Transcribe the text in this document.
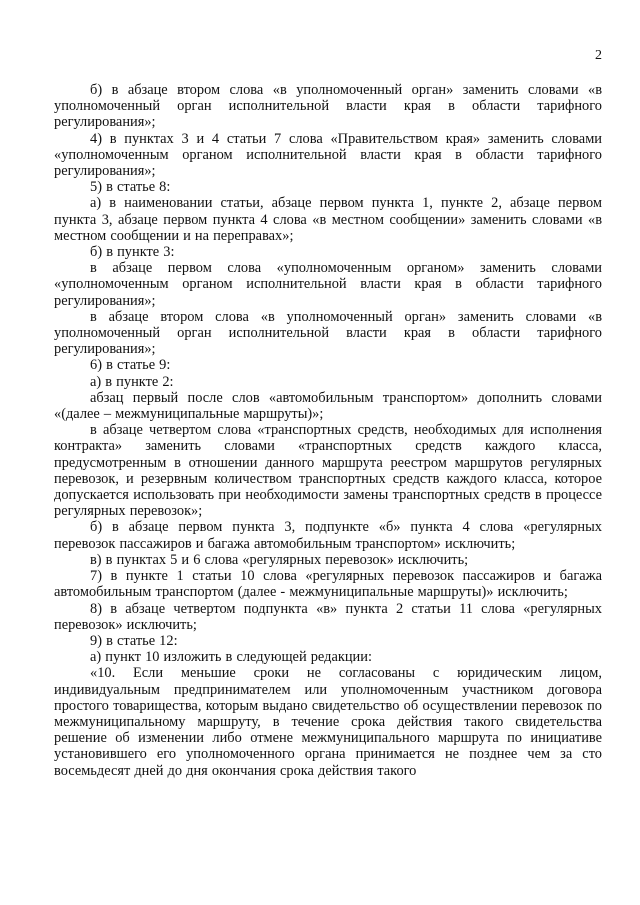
2

б) в абзаце втором слова «в уполномоченный орган» заменить словами «в уполномоченный орган исполнительной власти края в области тарифного регулирования»;

4) в пунктах 3 и 4 статьи 7 слова «Правительством края» заменить словами «уполномоченным органом исполнительной власти края в области тарифного регулирования»;

5) в статье 8:

а) в наименовании статьи, абзаце первом пункта 1, пункте 2, абзаце первом пункта 3, абзаце первом пункта 4 слова «в местном сообщении» заменить словами «в местном сообщении и на переправах»;

б) в пункте 3:

в абзаце первом слова «уполномоченным органом» заменить словами «уполномоченным органом исполнительной власти края в области тарифного регулирования»;

в абзаце втором слова «в уполномоченный орган» заменить словами «в уполномоченный орган исполнительной власти края в области тарифного регулирования»;

6) в статье 9:

а) в пункте 2:

абзац первый после слов «автомобильным транспортом» дополнить словами «(далее – межмуниципальные маршруты)»;

в абзаце четвертом слова «транспортных средств, необходимых для исполнения контракта» заменить словами «транспортных средств каждого класса, предусмотренным в отношении данного маршрута реестром маршрутов регулярных перевозок, и резервным количеством транспортных средств каждого класса, которое допускается использовать при необходимости замены транспортных средств в процессе регулярных перевозок»;

б) в абзаце первом пункта 3, подпункте «б» пункта 4 слова «регулярных перевозок пассажиров и багажа автомобильным транспортом» исключить;

в) в пунктах 5 и 6 слова «регулярных перевозок» исключить;

7) в пункте 1 статьи 10 слова «регулярных перевозок пассажиров и багажа автомобильным транспортом (далее - межмуниципальные маршруты)» исключить;

8) в абзаце четвертом подпункта «в» пункта 2 статьи 11 слова «регулярных перевозок» исключить;

9) в статье 12:

а) пункт 10 изложить в следующей редакции:

«10. Если меньшие сроки не согласованы с юридическим лицом, индивидуальным предпринимателем или уполномоченным участником договора простого товарищества, которым выдано свидетельство об осуществлении перевозок по межмуниципальному маршруту, в течение срока действия такого свидетельства решение об изменении либо отмене межмуниципального маршрута по инициативе установившего его уполномоченного органа принимается не позднее чем за сто восемьдесят дней до дня окончания срока действия такого
